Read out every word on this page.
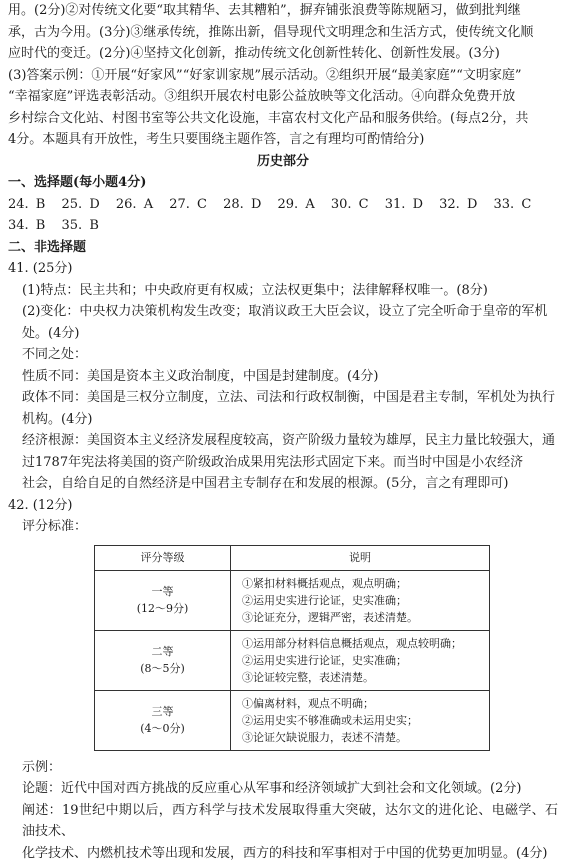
用。(2分)②对传统文化要“取其精华、去其糟粕”，摒弃铺张浪费等陈规陋习，做到批判继

承，古为今用。(3分)③继承传统，推陈出新，倡导现代文明理念和生活方式，使传统文化顺

应时代的变迁。(2分)④坚持文化创新，推动传统文化创新性转化、创新性发展。(3分)

(3)答案示例：①开展“好家风”“好家训家规”展示活动。②组织开展“最美家庭”“文明家庭”

“幸福家庭”评选表彰活动。③组织开展农村电影公益放映等文化活动。④向群众免费开放

乡村综合文化站、村图书室等公共文化设施，丰富农村文化产品和服务供给。(每点2分，共

4分。本题具有开放性，考生只要围绕主题作答，言之有理均可酌情给分)

历史部分

一、选择题(每小题4分)

24. B 25. D 26. A 27. C 28. D 29. A 30. C 31. D 32. D 33. C 34. B 35. B

二、非选择题

41. (25分)

(1)特点：民主共和；中央政府更有权威；立法权更集中；法律解释权唯一。(8分)

(2)变化：中央权力决策机构发生改变；取消议政王大臣会议，设立了完全听命于皇帝的军机

处。(4分)

不同之处：

性质不同：美国是资本主义政治制度，中国是封建制度。(4分)

政体不同：美国是三权分立制度，立法、司法和行政权制衡，中国是君主专制，军机处为执行

机构。(4分)

经济根源：美国资本主义经济发展程度较高，资产阶级力量较为雄厚，民主力量比较强大，通

过1787年宪法将美国的资产阶级政治成果用宪法形式固定下来。而当时中国是小农经济

社会，自给自足的自然经济是中国君主专制存在和发展的根源。(5分，言之有理即可)

42. (12分)

评分标准：

评分等级	说明

一等
(12～9分)	①紧扣材料概括观点，观点明确；
②运用史实进行论证，史实准确；
③论证充分，逻辑严密，表述清楚。

二等
(8～5分)	①运用部分材料信息概括观点，观点较明确；
②运用史实进行论证，史实准确；
③论证较完整，表述清楚。

三等
(4～0分)	①偏离材料，观点不明确；
②运用史实不够准确或未运用史实；
③论证欠缺说服力，表述不清楚。

示例：

论题：近代中国对西方挑战的反应重心从军事和经济领域扩大到社会和文化领域。(2分)

阐述：19世纪中期以后，西方科学与技术发展取得重大突破，达尔文的进化论、电磁学、石油技术、

化学技术、内燃机技术等出现和发展，西方的科技和军事相对于中国的优势更加明显。(4分)
